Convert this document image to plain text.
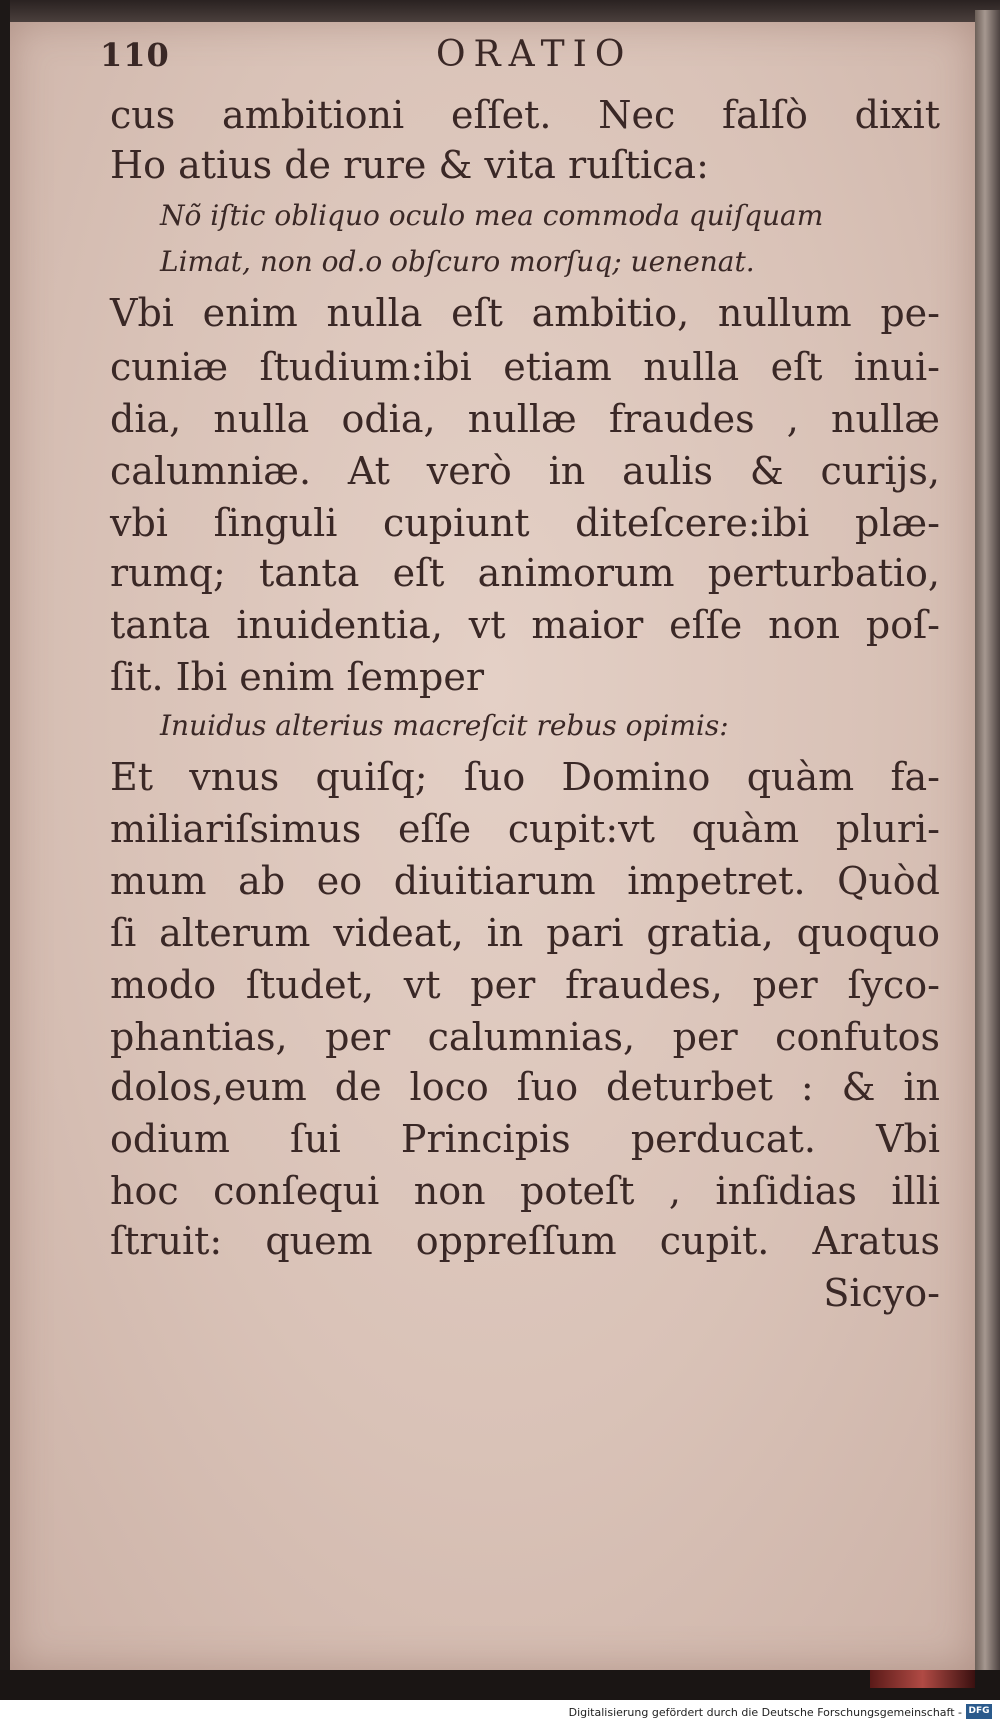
110	ORATIO
cus ambitioni eſſet. Nec falſò dixit
Ho atius de rure & vita ruſtica:
Nõ iſtic obliquo oculo mea commoda quiſquam
Limat, non od.o obſcuro morſuq; uenenat.
Vbi enim nulla eſt ambitio, nullum pe-
cuniæ ſtudium:ibi etiam nulla eſt inui-
dia, nulla odia, nullæ fraudes , nullæ
calumniæ. At verò in aulis & curijs,
vbi ſinguli cupiunt diteſcere:ibi plæ-
rumq; tanta eſt animorum perturbatio,
tanta inuidentia, vt maior eſſe non poſ-
ſit. Ibi enim ſemper
Inuidus alterius macreſcit rebus opimis:
Et vnus quiſq; ſuo Domino quàm fa-
miliariſsimus eſſe cupit:vt quàm pluri-
mum ab eo diuitiarum impetret. Quòd
ſi alterum videat, in pari gratia, quoquo
modo ſtudet, vt per fraudes, per ſyco-
phantias, per calumnias, per confutos
dolos,eum de loco ſuo deturbet : & in
odium ſui Principis perducat. Vbi
hoc conſequi non poteſt , inſidias illi
ſtruit: quem oppreſſum cupit. Aratus
Sicyo-
Digitalisierung gefördert durch die Deutsche Forschungsgemeinschaft - DFG
